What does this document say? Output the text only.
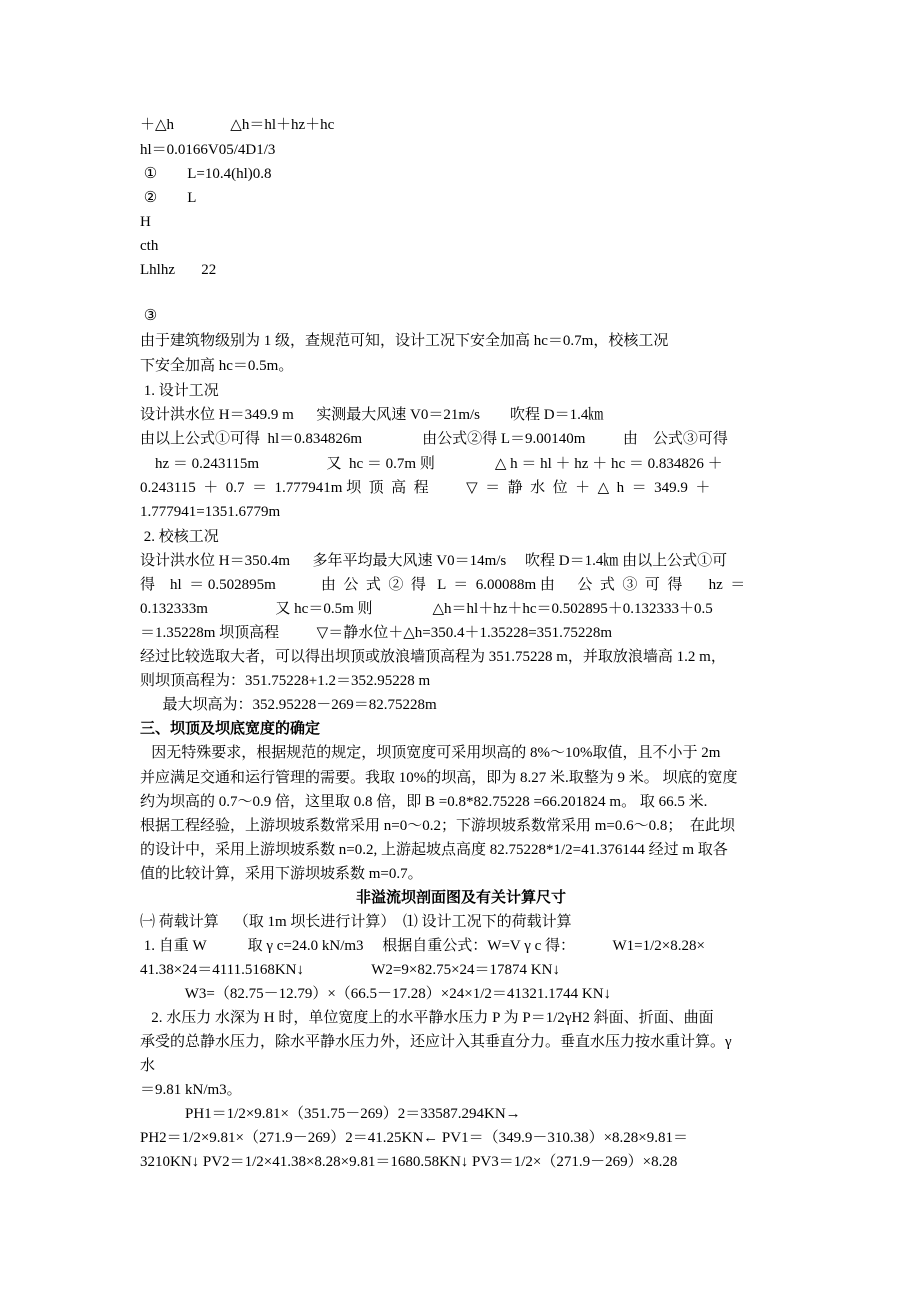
＋△h               △h＝hl＋hz＋hc
hl＝0.0166V05/4D1/3
①        L=10.4(hl)0.8
②        L
H
cth
Lhlhz       22
③
由于建筑物级别为 1 级，查规范可知，设计工况下安全加高 hc＝0.7m，校核工况
下安全加高 hc＝0.5m。
1. 设计工况
设计洪水位 H＝349.9 m      实测最大风速 V0＝21m/s        吹程 D＝1.4㎞
由以上公式①可得  hl＝0.834826m                由公式②得 L＝9.00140m          由    公式③可得
hz ＝ 0.243115m                  又  hc ＝ 0.7m 则                △ h ＝ hl ＋ hz ＋ hc ＝ 0.834826 ＋
0.243115  ＋  0.7  ＝  1.777941m 坝  顶  高  程          ▽  ＝  静  水  位  ＋  △  h  ＝  349.9  ＋
1.777941=1351.6779m
2. 校核工况
设计洪水位 H＝350.4m      多年平均最大风速 V0＝14m/s     吹程 D＝1.4㎞ 由以上公式①可
得    hl  ＝ 0.502895m            由  公  式  ②  得   L  ＝  6.00088m 由      公  式  ③  可  得       hz  ＝
0.132333m                  又 hc＝0.5m 则                △h＝hl＋hz＋hc＝0.502895＋0.132333＋0.5
＝1.35228m 坝顶高程          ▽＝静水位＋△h=350.4＋1.35228=351.75228m
经过比较选取大者，可以得出坝顶或放浪墙顶高程为 351.75228 m，并取放浪墙高 1.2 m，
则坝顶高程为：351.75228+1.2＝352.95228 m
最大坝高为：352.95228－269＝82.75228m
三、坝顶及坝底宽度的确定
因无特殊要求，根据规范的规定，坝顶宽度可采用坝高的 8%～10%取值，且不小于 2m
并应满足交通和运行管理的需要。我取 10%的坝高，即为 8.27 米.取整为 9 米。 坝底的宽度
约为坝高的 0.7～0.9 倍，这里取 0.8 倍，即 B =0.8*82.75228 =66.201824 m。 取 66.5 米.
根据工程经验，上游坝坡系数常采用 n=0～0.2；下游坝坡系数常采用 m=0.6～0.8；  在此坝
的设计中，采用上游坝坡系数 n=0.2, 上游起坡点高度 82.75228*1/2=41.376144 经过 m 取各
值的比较计算，采用下游坝坡系数 m=0.7。
非溢流坝剖面图及有关计算尺寸
㈠ 荷载计算    （取 1m 坝长进行计算）  ⑴ 设计工况下的荷载计算
1. 自重 W           取 γ c=24.0 kN/m3     根据自重公式：W=V γ c 得：          W1=1/2×8.28×
41.38×24＝4111.5168KN↓                  W2=9×82.75×24＝17874 KN↓
W3=（82.75－12.79）×（66.5－17.28）×24×1/2＝41321.1744 KN↓
2. 水压力 水深为 H 时，单位宽度上的水平静水压力 P 为 P＝1/2γH2 斜面、折面、曲面
承受的总静水压力，除水平静水压力外，还应计入其垂直分力。垂直水压力按水重计算。γ
水
＝9.81 kN/m3。
PH1＝1/2×9.81×（351.75－269）2＝33587.294KN→
PH2＝1/2×9.81×（271.9－269）2＝41.25KN← PV1＝（349.9－310.38）×8.28×9.81＝
3210KN↓ PV2＝1/2×41.38×8.28×9.81＝1680.58KN↓ PV3＝1/2×（271.9－269）×8.28
